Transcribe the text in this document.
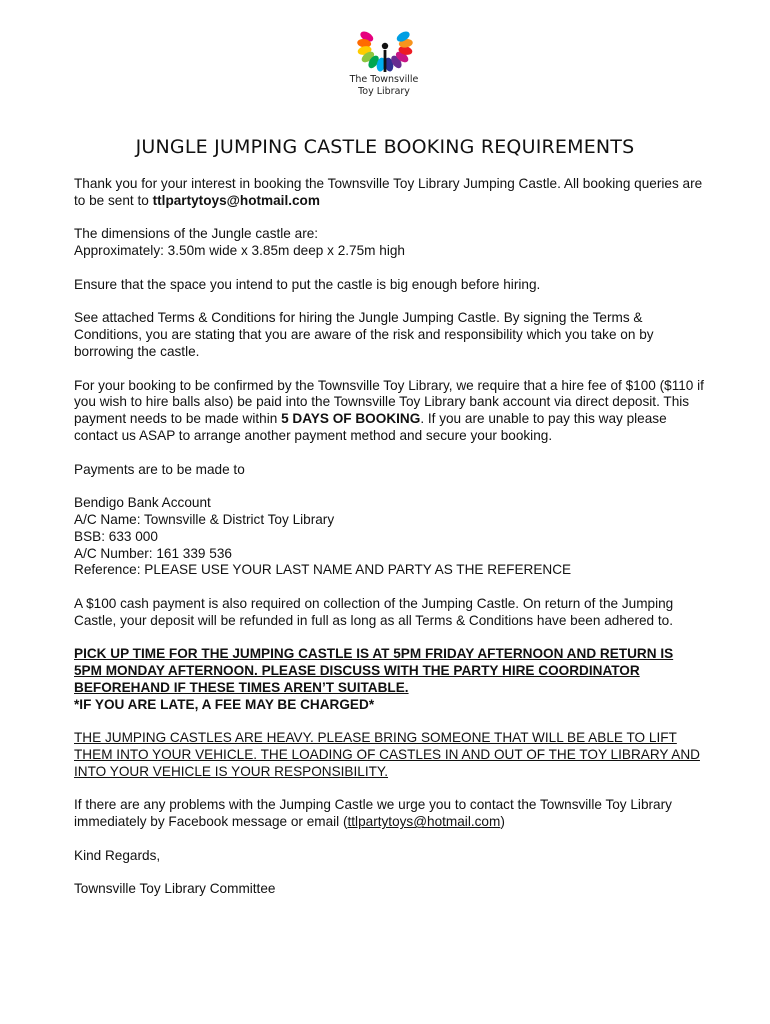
The Townsville
Toy Library
JUNGLE JUMPING CASTLE BOOKING REQUIREMENTS

Thank you for your interest in booking the Townsville Toy Library Jumping Castle. All booking queries are to be sent to ttlpartytoys@hotmail.com

The dimensions of the Jungle castle are:
Approximately: 3.50m wide x 3.85m deep x 2.75m high

Ensure that the space you intend to put the castle is big enough before hiring.

See attached Terms & Conditions for hiring the Jungle Jumping Castle. By signing the Terms & Conditions, you are stating that you are aware of the risk and responsibility which you take on by borrowing the castle.

For your booking to be confirmed by the Townsville Toy Library, we require that a hire fee of $100 ($110 if you wish to hire balls also) be paid into the Townsville Toy Library bank account via direct deposit. This payment needs to be made within 5 DAYS OF BOOKING. If you are unable to pay this way please contact us ASAP to arrange another payment method and secure your booking.

Payments are to be made to

Bendigo Bank Account
A/C Name: Townsville & District Toy Library
BSB: 633 000
A/C Number: 161 339 536
Reference: PLEASE USE YOUR LAST NAME AND PARTY AS THE REFERENCE

A $100 cash payment is also required on collection of the Jumping Castle. On return of the Jumping Castle, your deposit will be refunded in full as long as all Terms & Conditions have been adhered to.

PICK UP TIME FOR THE JUMPING CASTLE IS AT 5PM FRIDAY AFTERNOON AND RETURN IS 5PM MONDAY AFTERNOON. PLEASE DISCUSS WITH THE PARTY HIRE COORDINATOR BEFOREHAND IF THESE TIMES AREN’T SUITABLE.
*IF YOU ARE LATE, A FEE MAY BE CHARGED*

THE JUMPING CASTLES ARE HEAVY. PLEASE BRING SOMEONE THAT WILL BE ABLE TO LIFT THEM INTO YOUR VEHICLE. THE LOADING OF CASTLES IN AND OUT OF THE TOY LIBRARY AND INTO YOUR VEHICLE IS YOUR RESPONSIBILITY.

If there are any problems with the Jumping Castle we urge you to contact the Townsville Toy Library immediately by Facebook message or email (ttlpartytoys@hotmail.com)

Kind Regards,

Townsville Toy Library Committee
